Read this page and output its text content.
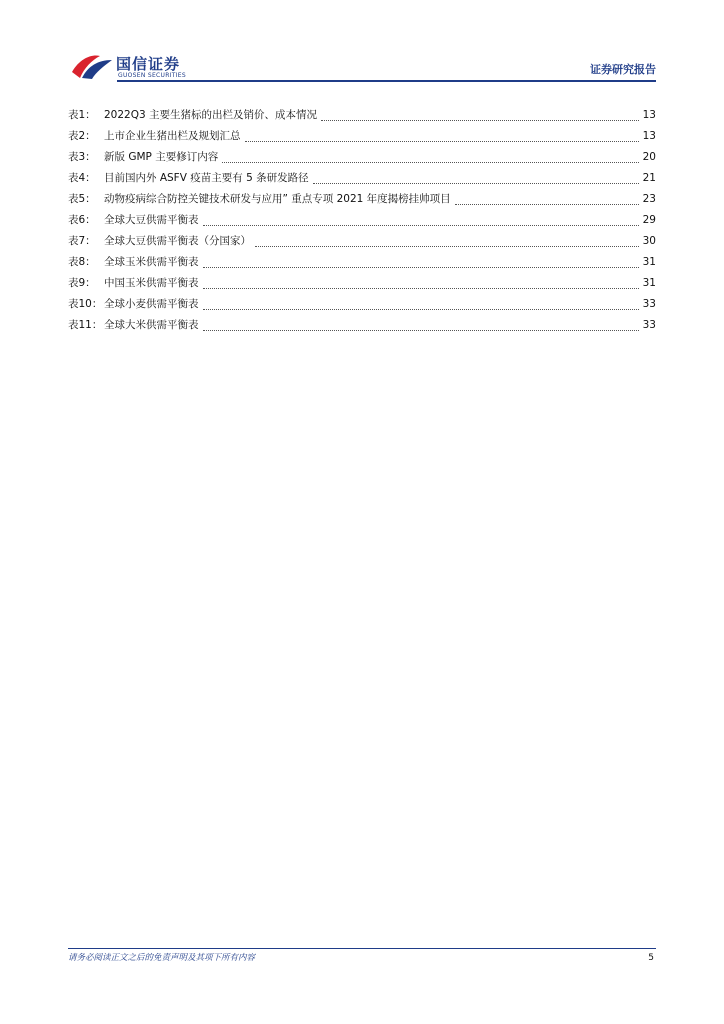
国信证券
GUOSEN SECURITIES	证券研究报告
表1： 2022Q3 主要生猪标的出栏及销价、成本情况	13
表2： 上市企业生猪出栏及规划汇总	13
表3： 新版 GMP 主要修订内容	20
表4： 目前国内外 ASFV 疫苗主要有 5 条研发路径	21
表5： 动物疫病综合防控关键技术研发与应用” 重点专项 2021 年度揭榜挂帅项目	23
表6： 全球大豆供需平衡表	29
表7： 全球大豆供需平衡表（分国家）	30
表8： 全球玉米供需平衡表	31
表9： 中国玉米供需平衡表	31
表10： 全球小麦供需平衡表	33
表11： 全球大米供需平衡表	33
请务必阅读正文之后的免责声明及其项下所有内容	5
